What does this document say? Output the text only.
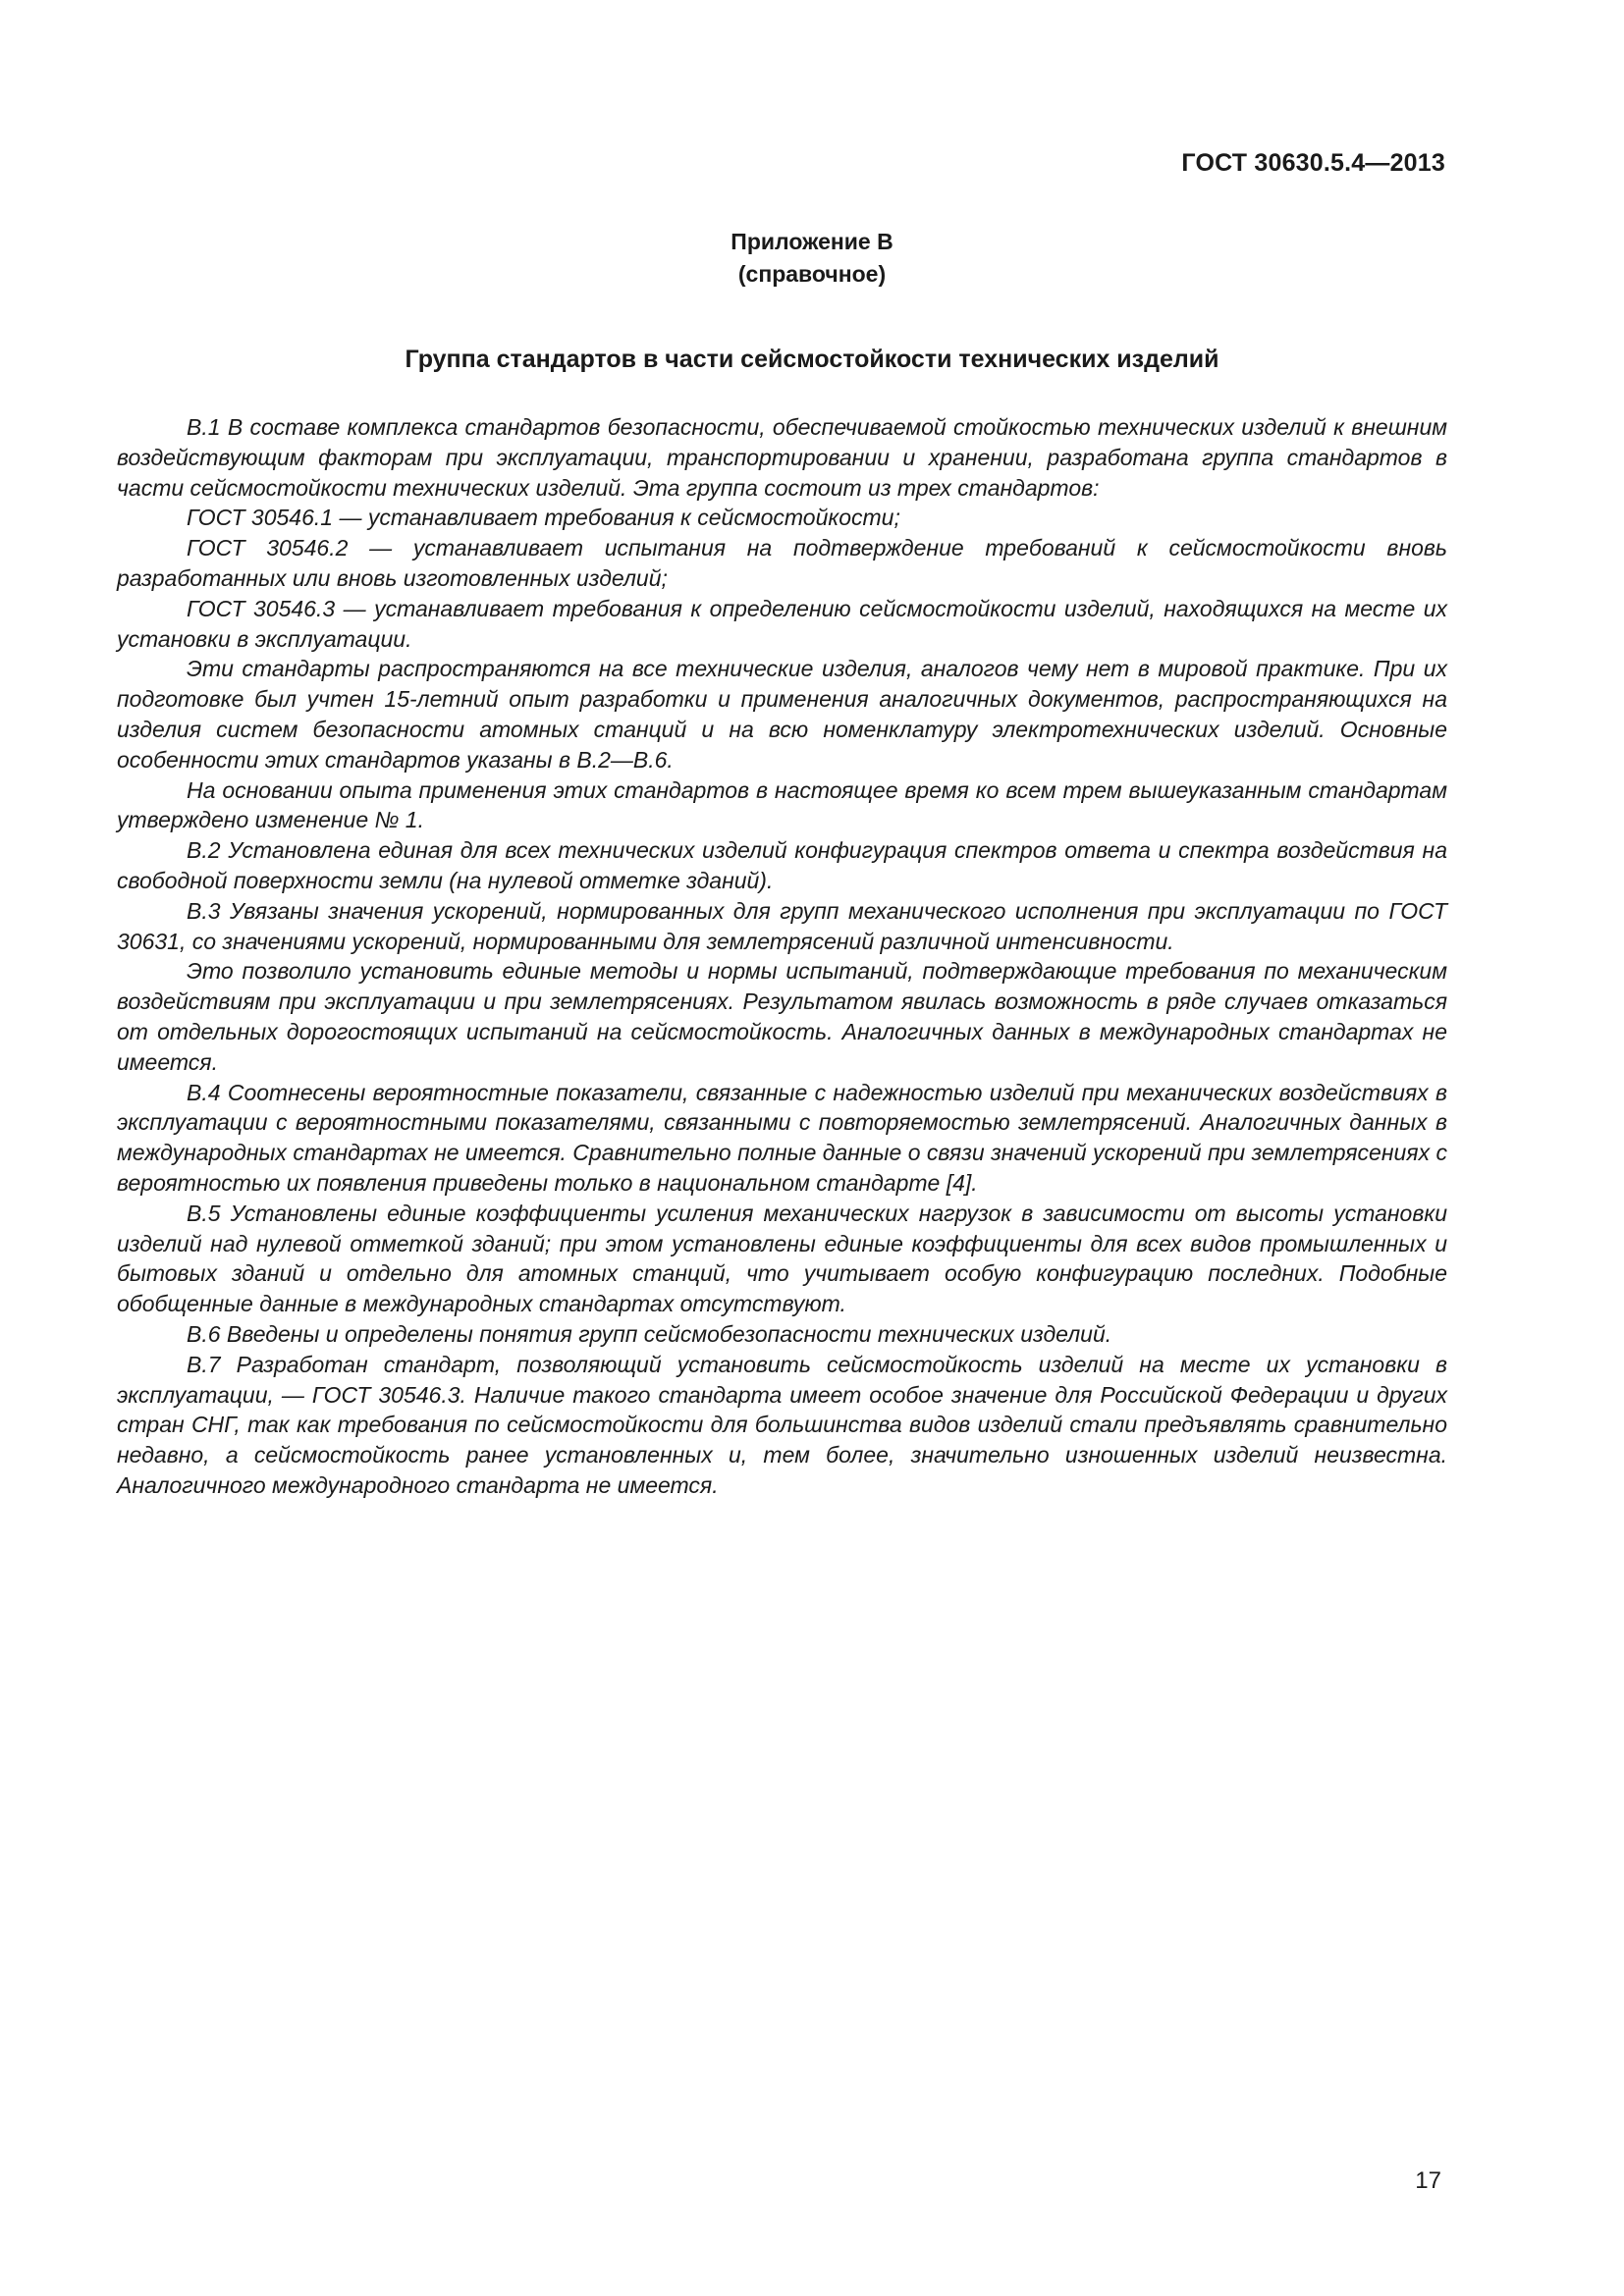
ГОСТ 30630.5.4—2013
Приложение В
(справочное)
Группа стандартов в части сейсмостойкости технических изделий

В.1 В составе комплекса стандартов безопасности, обеспечиваемой стойкостью технических изделий к внешним воздействующим факторам при эксплуатации, транспортировании и хранении, разработана группа стандартов в части сейсмостойкости технических изделий. Эта группа состоит из трех стандартов:

ГОСТ 30546.1 — устанавливает требования к сейсмостойкости;

ГОСТ 30546.2 — устанавливает испытания на подтверждение требований к сейсмостойкости вновь разработанных или вновь изготовленных изделий;

ГОСТ 30546.3 — устанавливает требования к определению сейсмостойкости изделий, находящихся на месте их установки в эксплуатации.

Эти стандарты распространяются на все технические изделия, аналогов чему нет в мировой практике. При их подготовке был учтен 15-летний опыт разработки и применения аналогичных документов, распространяющихся на изделия систем безопасности атомных станций и на всю номенклатуру электротехнических изделий. Основные особенности этих стандартов указаны в В.2—В.6.

На основании опыта применения этих стандартов в настоящее время ко всем трем вышеуказанным стандартам утверждено изменение № 1.

В.2 Установлена единая для всех технических изделий конфигурация спектров ответа и спектра воздействия на свободной поверхности земли (на нулевой отметке зданий).

В.3 Увязаны значения ускорений, нормированных для групп механического исполнения при эксплуатации по ГОСТ 30631, со значениями ускорений, нормированными для землетрясений различной интенсивности.

Это позволило установить единые методы и нормы испытаний, подтверждающие требования по механическим воздействиям при эксплуатации и при землетрясениях. Результатом явилась возможность в ряде случаев отказаться от отдельных дорогостоящих испытаний на сейсмостойкость. Аналогичных данных в международных стандартах не имеется.

В.4 Соотнесены вероятностные показатели, связанные с надежностью изделий при механических воздействиях в эксплуатации с вероятностными показателями, связанными с повторяемостью землетрясений. Аналогичных данных в международных стандартах не имеется. Сравнительно полные данные о связи значений ускорений при землетрясениях с вероятностью их появления приведены только в национальном стандарте [4].

В.5 Установлены единые коэффициенты усиления механических нагрузок в зависимости от высоты установки изделий над нулевой отметкой зданий; при этом установлены единые коэффициенты для всех видов промышленных и бытовых зданий и отдельно для атомных станций, что учитывает особую конфигурацию последних. Подобные обобщенные данные в международных стандартах отсутствуют.

В.6 Введены и определены понятия групп сейсмобезопасности технических изделий.

В.7 Разработан стандарт, позволяющий установить сейсмостойкость изделий на месте их установки в эксплуатации, — ГОСТ 30546.3. Наличие такого стандарта имеет особое значение для Российской Федерации и других стран СНГ, так как требования по сейсмостойкости для большинства видов изделий стали предъявлять сравнительно недавно, а сейсмостойкость ранее установленных и, тем более, значительно изношенных изделий неизвестна. Аналогичного международного стандарта не имеется.

17
